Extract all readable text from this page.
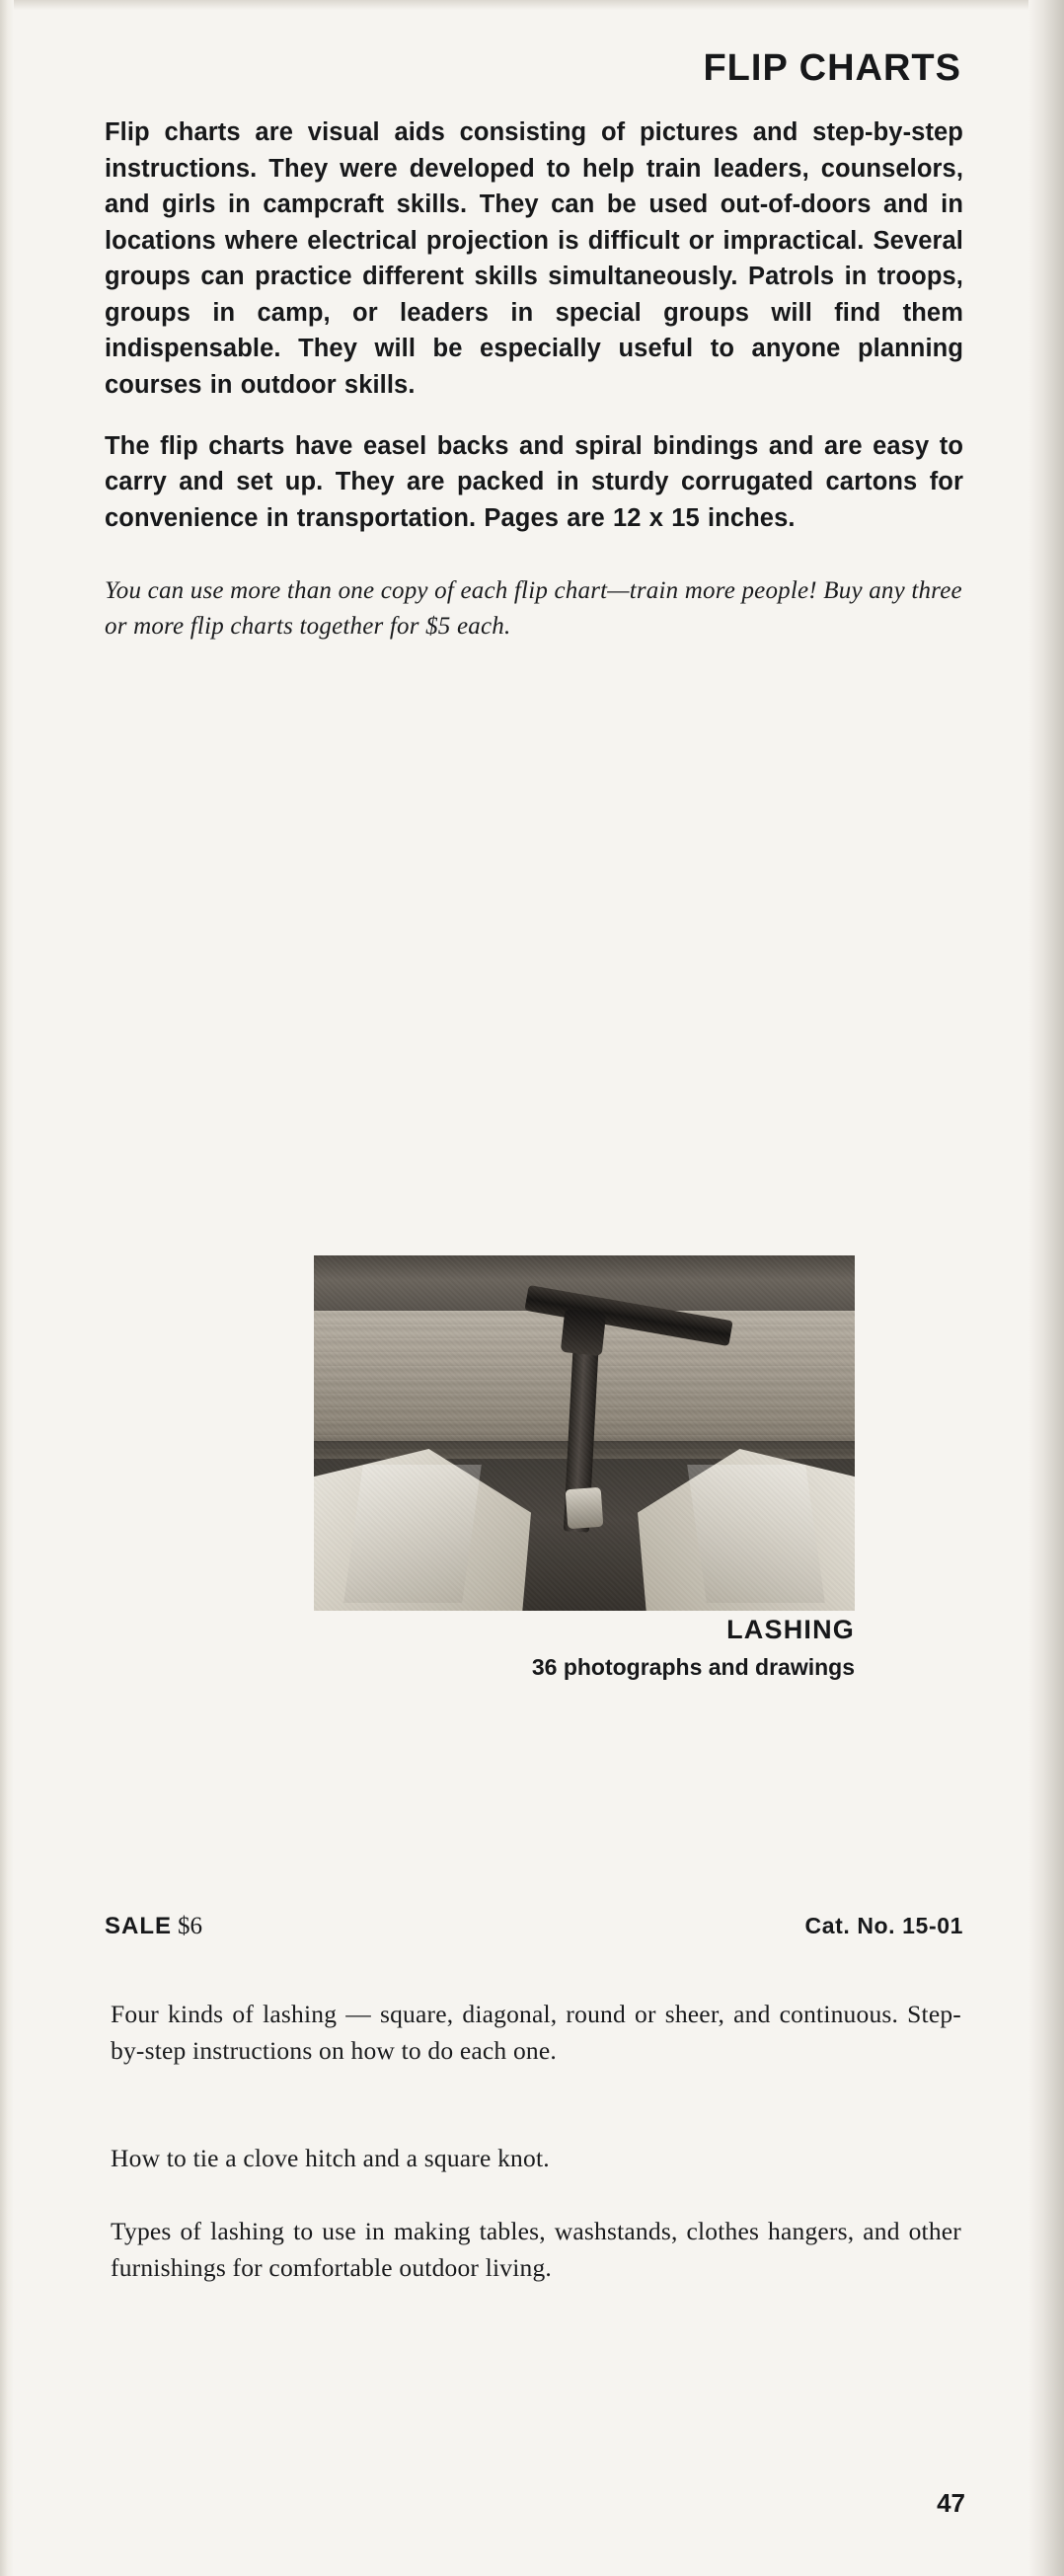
FLIP CHARTS

Flip charts are visual aids consisting of pictures and step-by-step instructions. They were developed to help train leaders, counselors, and girls in campcraft skills. They can be used out-of-doors and in locations where electrical projection is difficult or impractical. Several groups can practice different skills simultaneously. Patrols in troops, groups in camp, or leaders in special groups will find them indispensable. They will be especially useful to anyone planning courses in outdoor skills.

The flip charts have easel backs and spiral bindings and are easy to carry and set up. They are packed in sturdy corrugated cartons for convenience in transportation. Pages are 12 x 15 inches.

You can use more than one copy of each flip chart—train more people! Buy any three or more flip charts together for $5 each.

LASHING
36 photographs and drawings
SALE $6	Cat. No. 15-01

Four kinds of lashing — square, diagonal, round or sheer, and continuous. Step-by-step instructions on how to do each one.

How to tie a clove hitch and a square knot.

Types of lashing to use in making tables, washstands, clothes hangers, and other furnishings for comfortable outdoor living.

47
